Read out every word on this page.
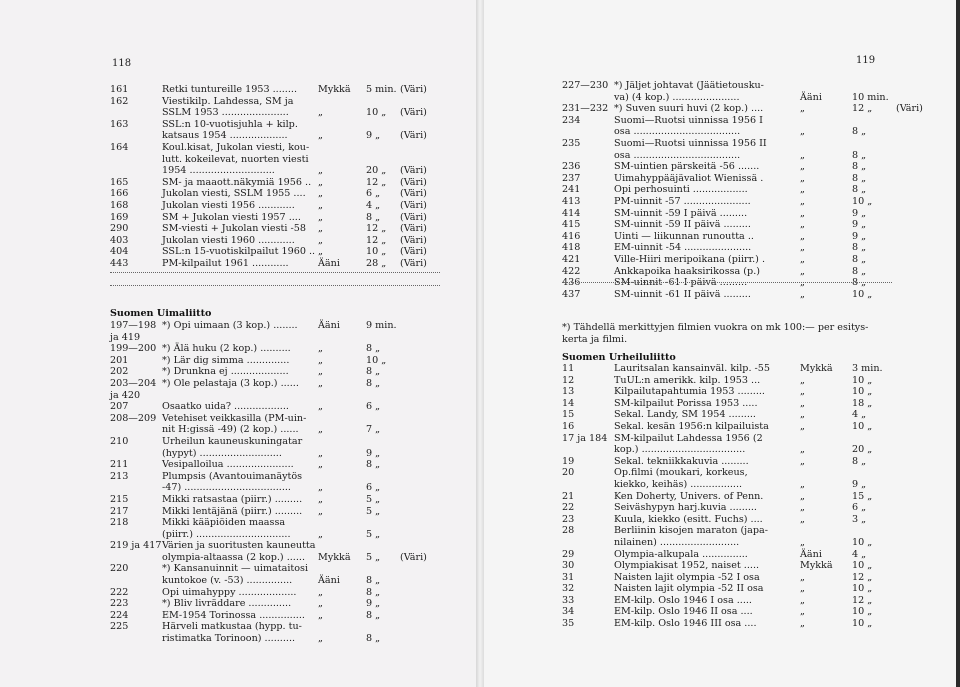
118
161	Retki tuntureille 1953 ........ Mykkä 5 min. (Väri)
162	Viestikilp. Lahdessa, SM ja
SSLM 1953 ......................	„	10 „ (Väri)
163	SSL:n 10-vuotisjuhla + kilp.
katsaus 1954 ...................	„	9 „ (Väri)
164	Koul.kisat, Jukolan viesti, kou-
lutt. kokeilevat, nuorten viesti
1954 ............................	„	20 „ (Väri)
165	SM- ja maaott.näkymiä 1956 .. „	12 „ (Väri)
166	Jukolan viesti, SSLM 1955 .... „	6 „ (Väri)
168	Jukolan viesti 1956 ............ „	4 „ (Väri)
169	SM + Jukolan viesti 1957 .... „	8 „ (Väri)
290	SM-viesti + Jukolan viesti -58 „	12 „ (Väri)
403	Jukolan viesti 1960 ............ „	12 „ (Väri)
404	SSL:n 15-vuotiskilpailut 1960 .. „	10 „ (Väri)
443	PM-kilpailut 1961 ............	Ääni	28 „ (Väri)
Suomen Uimaliitto
197—198 *) Opi uimaan (3 kop.) ........ Ääni	9 min.
ja 419
199—200 *) Älä huku (2 kop.) ..........	„	8 „
201	*) Lär dig simma ..............	„	10 „
202	*) Drunkna ej ...................	„	8 „
203—204 *) Ole pelastaja (3 kop.) ...... „	8 „
ja 420
207	Osaatko uida? ..................	„	6 „
208—209 Vetehiset veikkasilla (PM-uin-
nit H:gissä -49) (2 kop.) ...... „	7 „
210	Urheilun kauneuskuningatar
(hypyt) ...........................	„	9 „
211	Vesipalloilua ......................	„	8 „
213	Plumpsis (Avantouimanäytös
-47) ...................................	„	6 „
215	Mikki ratsastaa (piirr.) ......... „	5 „
217	Mikki lentäjänä (piirr.) ......... „	5 „
218	Mikki kääpiöiden maassa
(piirr.) ...............................	„	5 „
219 ja 417 Värien ja suoritusten kauneutta
olympia-altaassa (2 kop.) ...... Mykkä 5 „ (Väri)
220	*) Kansanuinnit — uimataitosi
kuntokoe (v. -53) ...............	Ääni	8 „
222	Opi uimahyppy ................... „	8 „
223	*) Bliv livräddare ..............	„	9 „
224	EM-1954 Torinossa ............... „	8 „
225	Härveli matkustaa (hypp. tu-
ristimatka Torinoon) .......... „	8 „
119
227—230 *) Jäljet johtavat (Jäätietousku-
va) (4 kop.) ......................	Ääni	10 min.
231—232 *) Suven suuri huvi (2 kop.) ....	„	12 „ (Väri)
234	Suomi—Ruotsi uinnissa 1956 I
osa ...................................	„	8 „
235	Suomi—Ruotsi uinnissa 1956 II
osa ...................................	„	8 „
236	SM-uintien pärskeitä -56 .......	„	8 „
237	Uimahyppääjävaliot Wienissä .	„	8 „
241	Opi perhosuinti ..................	„	8 „
413	PM-uinnit -57 ......................	„	10 „
414	SM-uinnit -59 I päivä .........	„	9 „
415	SM-uinnit -59 II päivä .........	„	9 „
416	Uinti — liikunnan runoutta ..	„	9 „
418	EM-uinnit -54 ......................	„	8 „
421	Ville-Hiiri meripoikana (piirr.) .	„	8 „
422	Ankkapoika haaksirikossa (p.)	„	8 „
436	SM-uinnit -61 I päivä .........	„	8 „
437	SM-uinnit -61 II päivä .........	„	10 „
*) Tähdellä merkittyjen filmien vuokra on mk 100:— per esitys-
kerta ja filmi.
Suomen Urheiluliitto
11	Lauritsalan kansainväl. kilp. -55	Mykkä 3 min.
12	TuUL:n amerikk. kilp. 1953 ...	„	10 „
13	Kilpailutapahtumia 1953 .........	„	10 „
14	SM-kilpailut Porissa 1953 .....	„	18 „
15	Sekal. Landy, SM 1954 .........	„	4 „
16	Sekal. kesän 1956:n kilpailuista	„	10 „
17 ja 184 SM-kilpailut Lahdessa 1956 (2
kop.) ..................................	„	20 „
19	Sekal. tekniikkakuvia .........	„	8 „
20	Op.filmi (moukari, korkeus,
kiekko, keihäs) .................	„	9 „
21	Ken Doherty, Univers. of Penn.	„	15 „
22	Seiväshypyn harj.kuvia .........	„	6 „
23	Kuula, kiekko (esitt. Fuchs) ....	„	3 „
28	Berliinin kisojen maraton (japa-
nilainen) ..........................	„	10 „
29	Olympia-alkupala ...............	Ääni	4 „
30	Olympiakisat 1952, naiset .....	Mykkä 10 „
31	Naisten lajit olympia -52 I osa	„	12 „
32	Naisten lajit olympia -52 II osa	„	10 „
33	EM-kilp. Oslo 1946 I osa .....	„	12 „
34	EM-kilp. Oslo 1946 II osa ....	„	10 „
35	EM-kilp. Oslo 1946 III osa ....	„	10 „
